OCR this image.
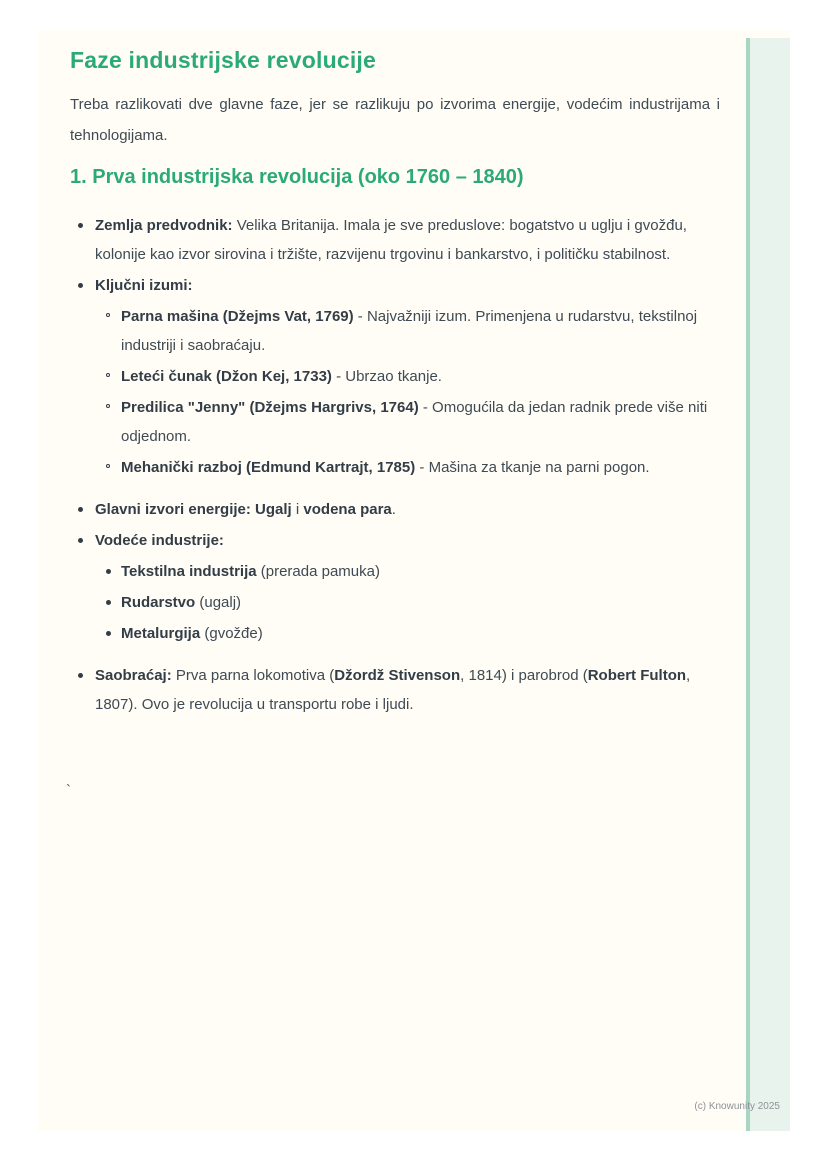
Faze industrijske revolucije
Treba razlikovati dve glavne faze, jer se razlikuju po izvorima energije, vodećim industrijama i tehnologijama.
1. Prva industrijska revolucija (oko 1760 – 1840)
Zemlja predvodnik: Velika Britanija. Imala je sve preduslove: bogatstvo u uglju i gvožđu, kolonije kao izvor sirovina i tržište, razvijenu trgovinu i bankarstvo, i političku stabilnost.
Ključni izumi:
Parna mašina (Džejms Vat, 1769) - Najvažniji izum. Primenjena u rudarstvu, tekstilnoj industriji i saobraćaju.
Leteći čunak (Džon Kej, 1733) - Ubrzao tkanje.
Predilica "Jenny" (Džejms Hargrivs, 1764) - Omogućila da jedan radnik prede više niti odjednom.
Mehanički razboj (Edmund Kartrajt, 1785) - Mašina za tkanje na parni pogon.
Glavni izvori energije: Ugalj i vodena para.
Vodeće industrije:
Tekstilna industrija (prerada pamuka)
Rudarstvo (ugalj)
Metalurgija (gvožđe)
Saobraćaj: Prva parna lokomotiva (Džordž Stivenson, 1814) i parobrod (Robert Fulton, 1807). Ovo je revolucija u transportu robe i ljudi.
`
(c) Knowunity 2025
